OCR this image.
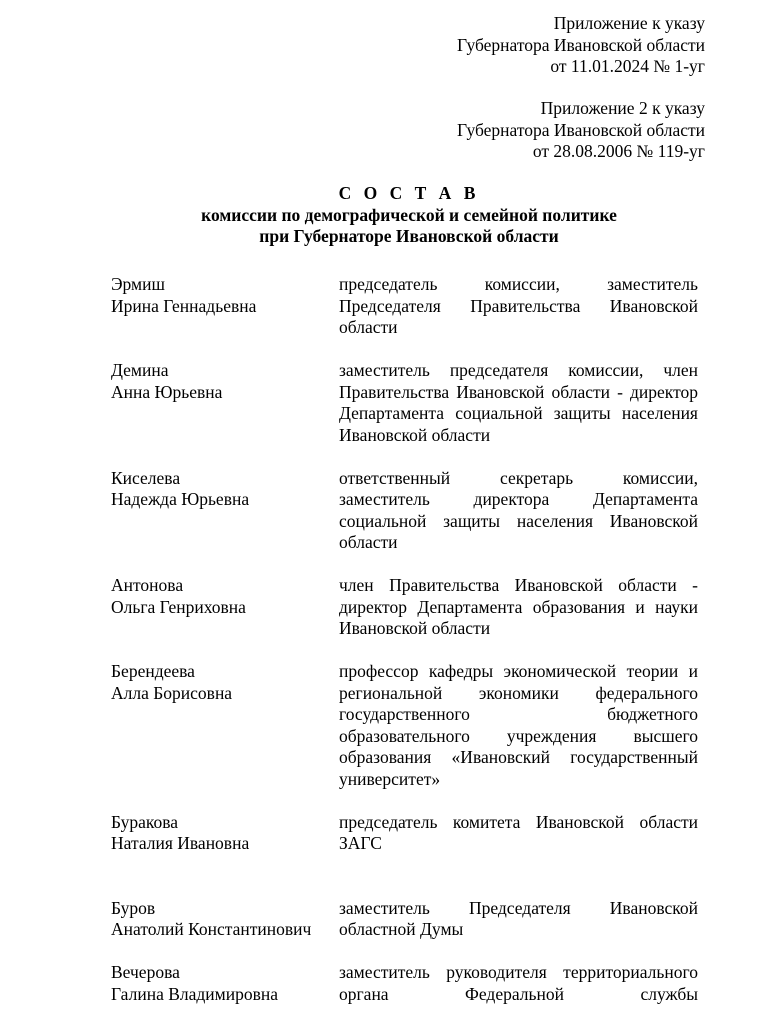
Приложение к указу
Губернатора Ивановской области
от 11.01.2024 № 1-уг
Приложение 2 к указу
Губернатора Ивановской области
от 28.08.2006 № 119-уг
С О С Т А В
комиссии по демографической и семейной политике
при Губернаторе Ивановской области
Эрмиш
Ирина Геннадьевна
председатель комиссии, заместитель Председателя Правительства Ивановской области
Демина
Анна Юрьевна
заместитель председателя комиссии, член Правительства Ивановской области - директор Департамента социальной защиты населения Ивановской области
Киселева
Надежда Юрьевна
ответственный секретарь комиссии, заместитель директора Департамента социальной защиты населения Ивановской области
Антонова
Ольга Генриховна
член Правительства Ивановской области - директор Департамента образования и науки Ивановской области
Берендеева
Алла Борисовна
профессор кафедры экономической теории и региональной экономики федерального государственного бюджетного образовательного учреждения высшего образования «Ивановский государственный университет»
Буракова
Наталия Ивановна
председатель комитета Ивановской области ЗАГС
Буров
Анатолий Константинович
заместитель Председателя Ивановской областной Думы
Вечерова
Галина Владимировна
заместитель руководителя территориального органа Федеральной службы
